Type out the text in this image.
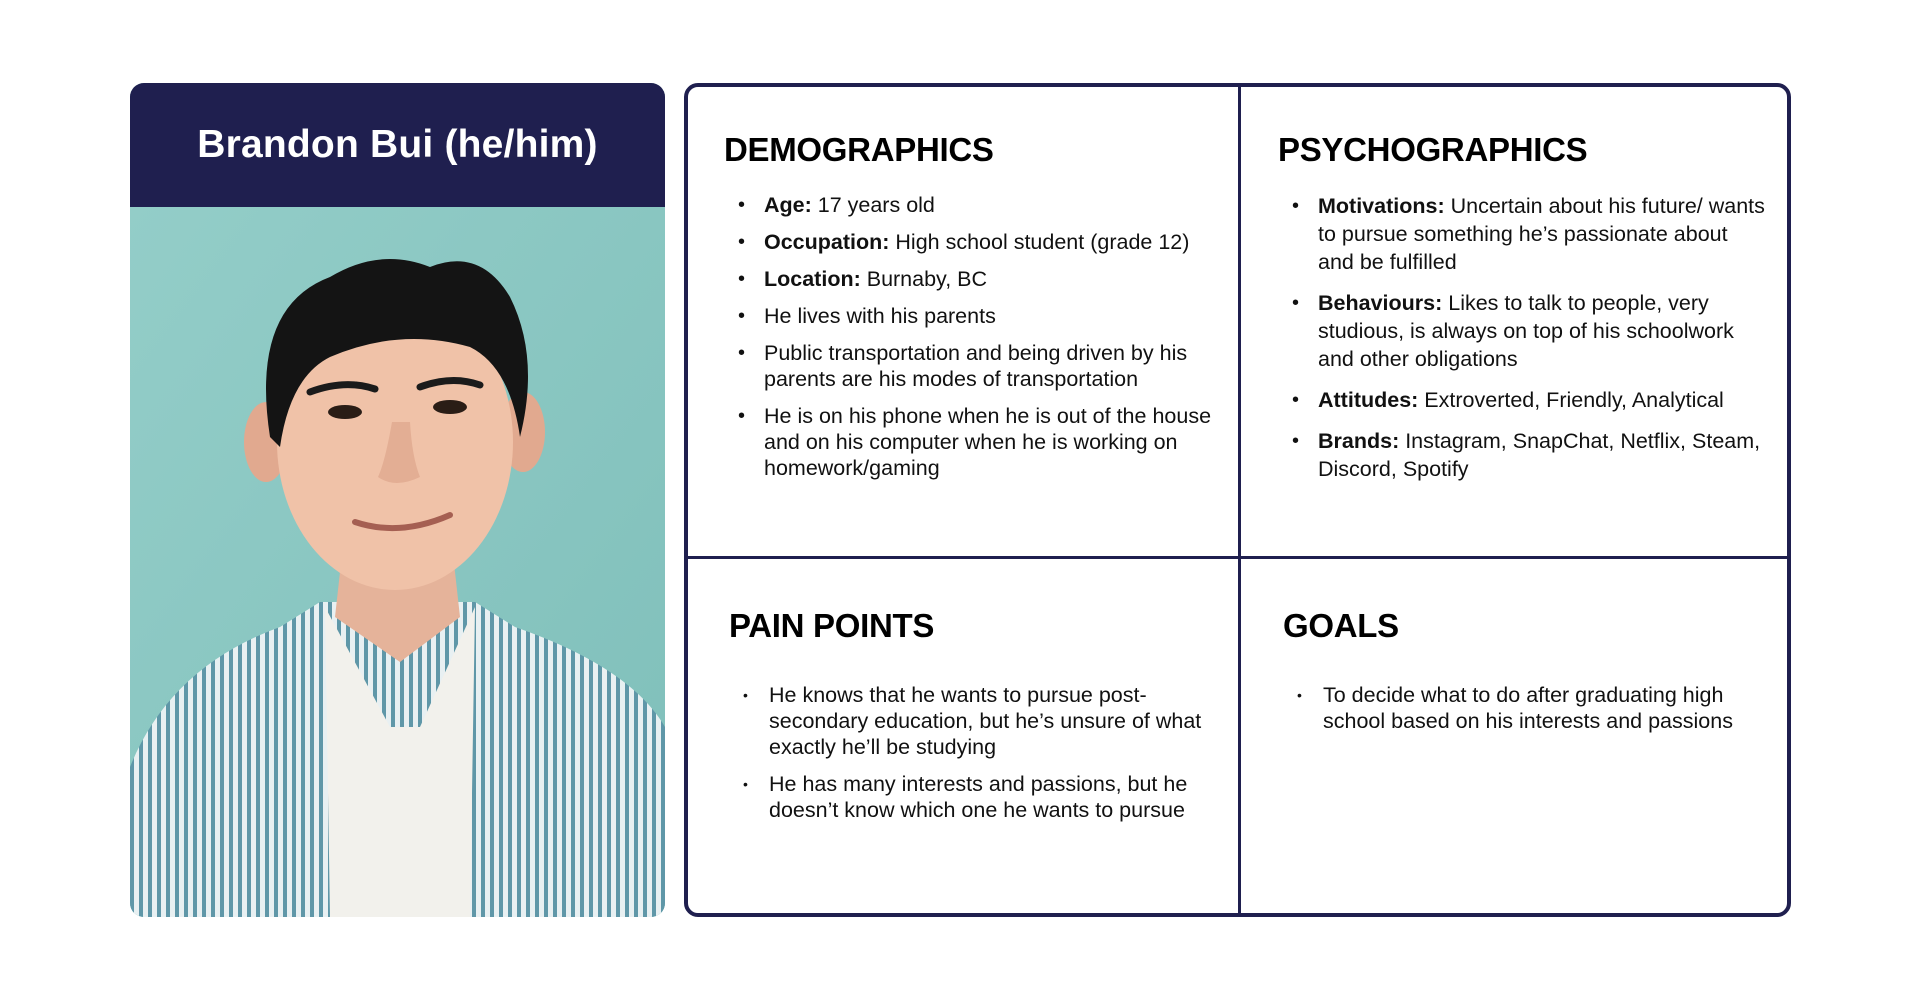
Brandon Bui (he/him)	DEMOGRAPHICS
• Age: 17 years old
• Occupation: High school student (grade 12)
• Location: Burnaby, BC
• He lives with his parents
• Public transportation and being driven by his parents are his modes of transportation
• He is on his phone when he is out of the house and on his computer when he is working on homework/gaming
PSYCHOGRAPHICS
• Motivations: Uncertain about his future/ wants to pursue something he’s passionate about and be fulfilled
• Behaviours: Likes to talk to people, very studious, is always on top of his schoolwork and other obligations
• Attitudes: Extroverted, Friendly, Analytical
• Brands: Instagram, SnapChat, Netflix, Steam, Discord, Spotify
PAIN POINTS
• He knows that he wants to pursue post-secondary education, but he’s unsure of what exactly he’ll be studying
• He has many interests and passions, but he doesn’t know which one he wants to pursue
GOALS
• To decide what to do after graduating high school based on his interests and passions
